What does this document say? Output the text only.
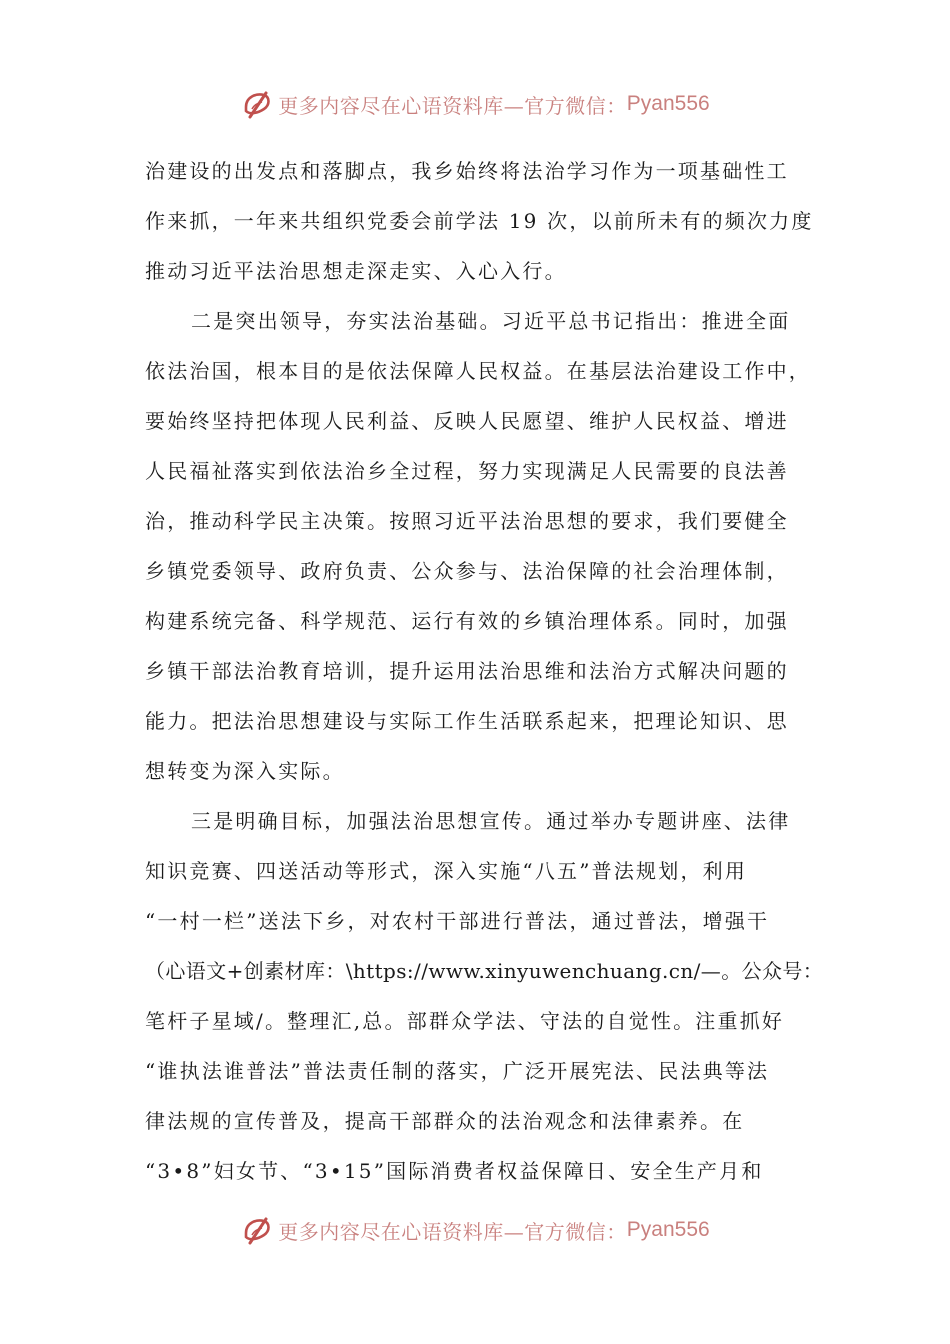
更多内容尽在心语资料库—官方微信： Pyan556
治建设的出发点和落脚点，我乡始终将法治学习作为一项基础性工
作来抓，一年来共组织党委会前学法 19 次，以前所未有的频次力度
推动习近平法治思想走深走实、入心入行。
二是突出领导，夯实法治基础。习近平总书记指出：推进全面
依法治国，根本目的是依法保障人民权益。在基层法治建设工作中，
要始终坚持把体现人民利益、反映人民愿望、维护人民权益、增进
人民福祉落实到依法治乡全过程，努力实现满足人民需要的良法善
治，推动科学民主决策。按照习近平法治思想的要求，我们要健全
乡镇党委领导、政府负责、公众参与、法治保障的社会治理体制，
构建系统完备、科学规范、运行有效的乡镇治理体系。同时，加强
乡镇干部法治教育培训，提升运用法治思维和法治方式解决问题的
能力。把法治思想建设与实际工作生活联系起来，把理论知识、思
想转变为深入实际。
三是明确目标，加强法治思想宣传。通过举办专题讲座、法律
知识竞赛、四送活动等形式，深入实施“八五”普法规划，利用
“一村一栏”送法下乡，对农村干部进行普法，通过普法，增强干
（心语文+创素材库：\https://www.xinyuwenchuang.cn/—。公众号：
笔杆子星域/。整理汇,总。部群众学法、守法的自觉性。注重抓好
“谁执法谁普法”普法责任制的落实，广泛开展宪法、民法典等法
律法规的宣传普及，提高干部群众的法治观念和法律素养。在
“3•8”妇女节、“3•15”国际消费者权益保障日、安全生产月和
更多内容尽在心语资料库—官方微信： Pyan556
